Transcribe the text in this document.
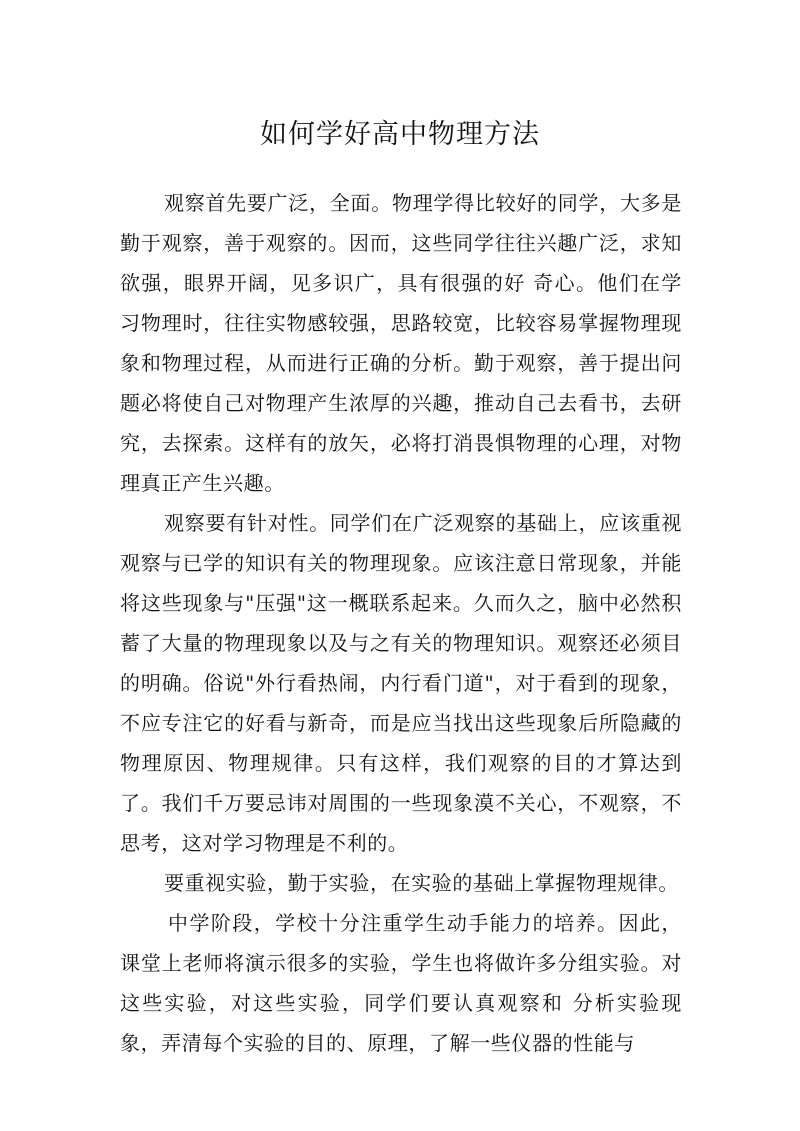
如何学好高中物理方法

观察首先要广泛，全面。物理学得比较好的同学，大多是勤于观察，善于观察的。因而，这些同学往往兴趣广泛，求知欲强，眼界开阔，见多识广，具有很强的好 奇心。他们在学习物理时，往往实物感较强，思路较宽，比较容易掌握物理现象和物理过程，从而进行正确的分析。勤于观察，善于提出问题必将使自己对物理产生浓厚的兴趣，推动自己去看书，去研究，去探索。这样有的放矢，必将打消畏惧物理的心理，对物理真正产生兴趣。

观察要有针对性。同学们在广泛观察的基础上，应该重视观察与已学的知识有关的物理现象。应该注意日常现象，并能将这些现象与"压强"这一概联系起来。久而久之，脑中必然积蓄了大量的物理现象以及与之有关的物理知识。观察还必须目的明确。俗说"外行看热闹，内行看门道"，对于看到的现象，不应专注它的好看与新奇，而是应当找出这些现象后所隐藏的物理原因、物理规律。只有这样，我们观察的目的才算达到了。我们千万要忌讳对周围的一些现象漠不关心，不观察，不思考，这对学习物理是不利的。

要重视实验，勤于实验，在实验的基础上掌握物理规律。

中学阶段，学校十分注重学生动手能力的培养。因此，课堂上老师将演示很多的实验，学生也将做许多分组实验。对这些实验，对这些实验，同学们要认真观察和 分析实验现象，弄清每个实验的目的、原理，了解一些仪器的性能与
